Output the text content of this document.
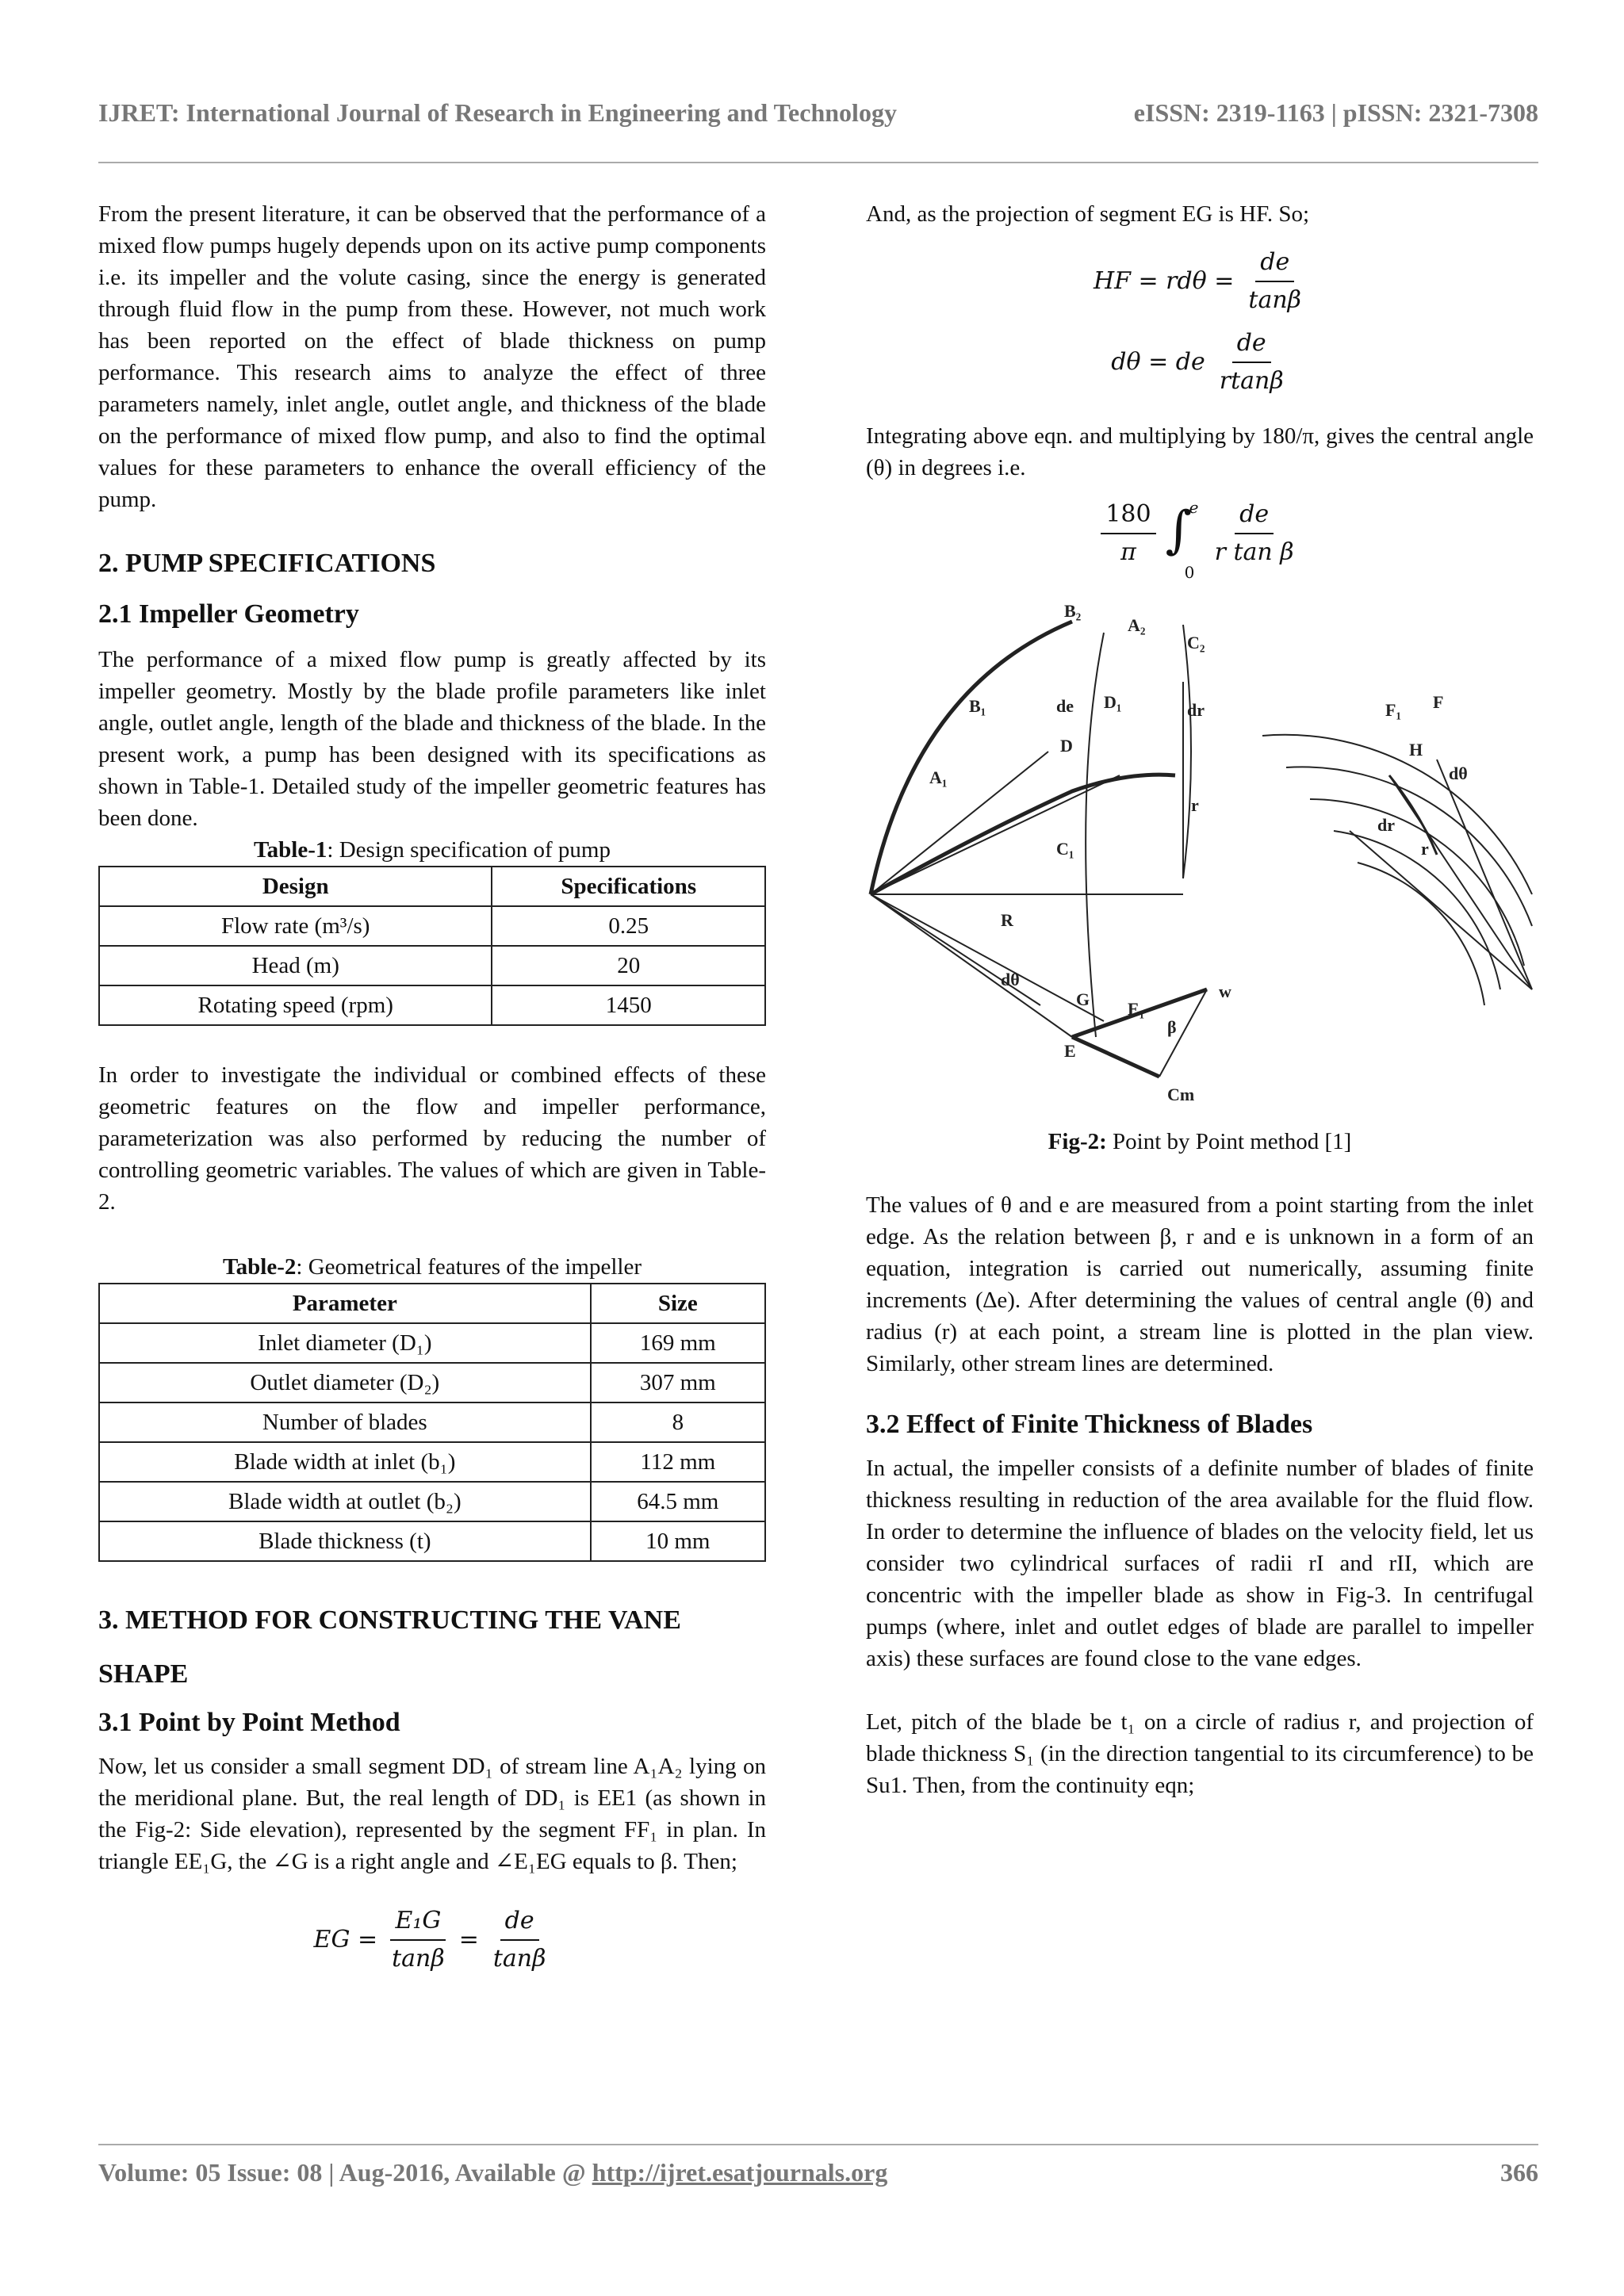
IJRET: International Journal of Research in Engineering and Technology	eISSN: 2319-1163 | pISSN: 2321-7308

From the present literature, it can be observed that the performance of a mixed flow pumps hugely depends upon on its active pump components i.e. its impeller and the volute casing, since the energy is generated through fluid flow in the pump from these. However, not much work has been reported on the effect of blade thickness on pump performance. This research aims to analyze the effect of three parameters namely, inlet angle, outlet angle, and thickness of the blade on the performance of mixed flow pump, and also to find the optimal values for these parameters to enhance the overall efficiency of the pump.

2. PUMP SPECIFICATIONS
2.1 Impeller Geometry

The performance of a mixed flow pump is greatly affected by its impeller geometry. Mostly by the blade profile parameters like inlet angle, outlet angle, length of the blade and thickness of the blade. In the present work, a pump has been designed with its specifications as shown in Table-1. Detailed study of the impeller geometric features has been done.

Table-1: Design specification of pump

Design	Specifications
Flow rate (m³/s)	0.25
Head (m)	20
Rotating speed (rpm)	1450

In order to investigate the individual or combined effects of these geometric features on the flow and impeller performance, parameterization was also performed by reducing the number of controlling geometric variables. The values of which are given in Table-2.

Table-2: Geometrical features of the impeller

Parameter	Size
Inlet diameter (D₁)	169 mm
Outlet diameter (D₂)	307 mm
Number of blades	8
Blade width at inlet (b₁)	112 mm
Blade width at outlet (b₂)	64.5 mm
Blade thickness (t)	10 mm
3. METHOD FOR CONSTRUCTING THE VANE SHAPE
3.1 Point by Point Method

Now, let us consider a small segment DD₁ of stream line A₁A₂ lying on the meridional plane. But, the real length of DD₁ is EE1 (as shown in the Fig-2: Side elevation), represented by the segment FF₁ in plan. In triangle EE₁G, the ∠G is a right angle and ∠E₁EG equals to β. Then;

EG = $\frac{\text{E₁G}}{\tan\beta} = \frac{de}{\tan\beta}$

And, as the projection of segment EG is HF. So;

HF = $rd\theta = \frac{de}{\tan\beta}$
dθ = de $\frac{de}{rtan\beta}$

Integrating above eqn. and multiplying by 180/π, gives the central angle (θ) in degrees i.e.

$\frac{180}{\pi}$ ∫
e
0
$\frac{de}{\text{r tan β}}$
B₂
A₂
C₂
B₁	de D₁	dr
D
A₁
r
C₁
R
dθ
G E₁
w
β
E
Cm
F₁ F
H
dθ
dr
r

Fig-2: Point by Point method [1]

The values of θ and e are measured from a point starting from the inlet edge. As the relation between β, r and e is unknown in a form of an equation, integration is carried out numerically, assuming finite increments (∆e). After determining the values of central angle (θ) and radius (r) at each point, a stream line is plotted in the plan view. Similarly, other stream lines are determined.

3.2 Effect of Finite Thickness of Blades

In actual, the impeller consists of a definite number of blades of finite thickness resulting in reduction of the area available for the fluid flow. In order to determine the influence of blades on the velocity field, let us consider two cylindrical surfaces of radii rI and rII, which are concentric with the impeller blade as show in Fig-3. In centrifugal pumps (where, inlet and outlet edges of blade are parallel to impeller axis) these surfaces are found close to the vane edges.

Let, pitch of the blade be t₁ on a circle of radius r, and projection of blade thickness S₁ (in the direction tangential to its circumference) to be Su1. Then, from the continuity eqn;

Volume: 05 Issue: 08 | Aug-2016, Available @ http://ijret.esatjournals.org	366
